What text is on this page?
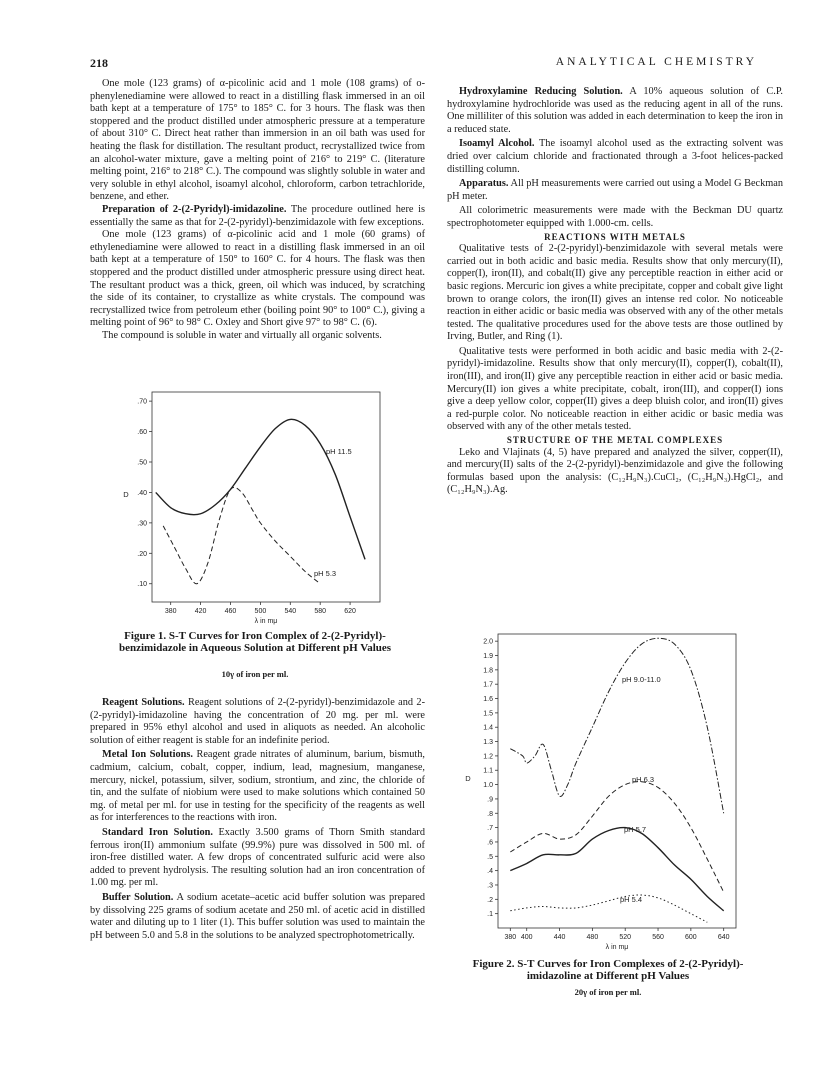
218	ANALYTICAL CHEMISTRY

One mole (123 grams) of α-picolinic acid and 1 mole (108 grams) of o-phenylenediamine were allowed to react in a distilling flask immersed in an oil bath kept at a temperature of 175° to 185° C. for 3 hours. The flask was then stoppered and the product distilled under atmospheric pressure at a temperature of about 310° C. Direct heat rather than immersion in an oil bath was used for heating the flask for distillation. The resultant product, recrystallized twice from an alcohol-water mixture, gave a melting point of 216° to 219° C. (literature melting point, 216° to 218° C.). The compound was slightly soluble in water and very soluble in ethyl alcohol, isoamyl alcohol, chloroform, carbon tetrachloride, benzene, and ether.

Preparation of 2-(2-Pyridyl)-imidazoline. The procedure outlined here is essentially the same as that for 2-(2-pyridyl)-benzimidazole with few exceptions.

One mole (123 grams) of α-picolinic acid and 1 mole (60 grams) of ethylenediamine were allowed to react in a distilling flask immersed in an oil bath kept at a temperature of 150° to 160° C. for 4 hours. The flask was then stoppered and the product distilled under atmospheric pressure using direct heat. The resultant product was a thick, green, oil which was induced, by scratching the side of its container, to crystallize as white crystals. The compound was recrystallized twice from petroleum ether (boiling point 90° to 100° C.), giving a melting point of 96° to 98° C. Oxley and Short give 97° to 98° C. (6).

The compound is soluble in water and virtually all organic solvents.

380	420	460	500	540	580	620
.10
.20
.30
.40
.50
.60
.70
λ in mμ
D
pH 11.5
pH 5.3
Figure 1. S-T Curves for Iron Complex of 2-(2-Pyridyl)-benzimidazole in Aqueous Solution at Different pH Values
10γ of iron per ml.

Reagent Solutions. Reagent solutions of 2-(2-pyridyl)-benzimidazole and 2-(2-pyridyl)-imidazoline having the concentration of 20 mg. per ml. were prepared in 95% ethyl alcohol and used in aliquots as needed. An alcoholic solution of either reagent is stable for an indefinite period.

Metal Ion Solutions. Reagent grade nitrates of aluminum, barium, bismuth, cadmium, calcium, cobalt, copper, indium, lead, magnesium, manganese, mercury, nickel, potassium, silver, sodium, strontium, and zinc, the chloride of tin, and the sulfate of niobium were used to make solutions which contained 50 mg. of metal per ml. for use in testing for the specificity of the reagents as well as for interferences to the reactions with iron.

Standard Iron Solution. Exactly 3.500 grams of Thorn Smith standard ferrous iron(II) ammonium sulfate (99.9%) pure was dissolved in 500 ml. of iron-free distilled water. A few drops of concentrated sulfuric acid were also added to prevent hydrolysis. The resulting solution had an iron concentration of 1.00 mg. per ml.

Buffer Solution. A sodium acetate–acetic acid buffer solution was prepared by dissolving 225 grams of sodium acetate and 250 ml. of acetic acid in distilled water and diluting up to 1 liter (1). This buffer solution was used to maintain the pH between 5.0 and 5.8 in the solutions to be analyzed spectrophotometrically.

Hydroxylamine Reducing Solution. A 10% aqueous solution of C.P. hydroxylamine hydrochloride was used as the reducing agent in all of the runs. One milliliter of this solution was added in each determination to keep the iron in a reduced state.

Isoamyl Alcohol. The isoamyl alcohol used as the extracting solvent was dried over calcium chloride and fractionated through a 3-foot helices-packed distilling column.

Apparatus. All pH measurements were carried out using a Model G Beckman pH meter.

All colorimetric measurements were made with the Beckman DU quartz spectrophotometer equipped with 1.000-cm. cells.

REACTIONS WITH METALS

Qualitative tests of 2-(2-pyridyl)-benzimidazole with several metals were carried out in both acidic and basic media. Results show that only mercury(II), copper(I), iron(II), and cobalt(II) give any perceptible reaction in either acid or basic regions. Mercuric ion gives a white precipitate, copper and cobalt give light brown to orange colors, the iron(II) gives an intense red color. No noticeable reaction in either acidic or basic media was observed with any of the other metals tested. The qualitative procedures used for the above tests are those outlined by Irving, Butler, and Ring (1).

Qualitative tests were performed in both acidic and basic media with 2-(2-pyridyl)-imidazoline. Results show that only mercury(II), copper(I), cobalt(II), iron(III), and iron(II) give any perceptible reaction in either acid or basic media. Mercury(II) ion gives a white precipitate, cobalt, iron(III), and copper(I) ions give a deep yellow color, copper(II) gives a deep bluish color, and iron(II) gives a red-purple color. No noticeable reaction in either acidic or basic media was observed with any of the other metals tested.

STRUCTURE OF THE METAL COMPLEXES

Leko and Vlajinats (4, 5) have prepared and analyzed the silver, copper(II), and mercury(II) salts of the 2-(2-pyridyl)-benzimidazole and give the following formulas based upon the analysis: (C₁₂H₉N₃).CuCl₂, (C₁₂H₉N₃).HgCl₂, and (C₁₂H₉N₃).Ag.

380 400	440	480	520	560	600	640
.1
.2
.3
.4
.5
.6
.7
.8
.9
1.0
1.1
1.2
1.3
1.4
1.5
1.6
1.7
1.8
1.9
2.0
λ in mμ
D
pH 9.0-11.0
pH 6.3
pH 5.7
pH 5.4
Figure 2. S-T Curves for Iron Complexes of 2-(2-Pyridyl)-imidazoline at Different pH Values
20γ of iron per ml.
